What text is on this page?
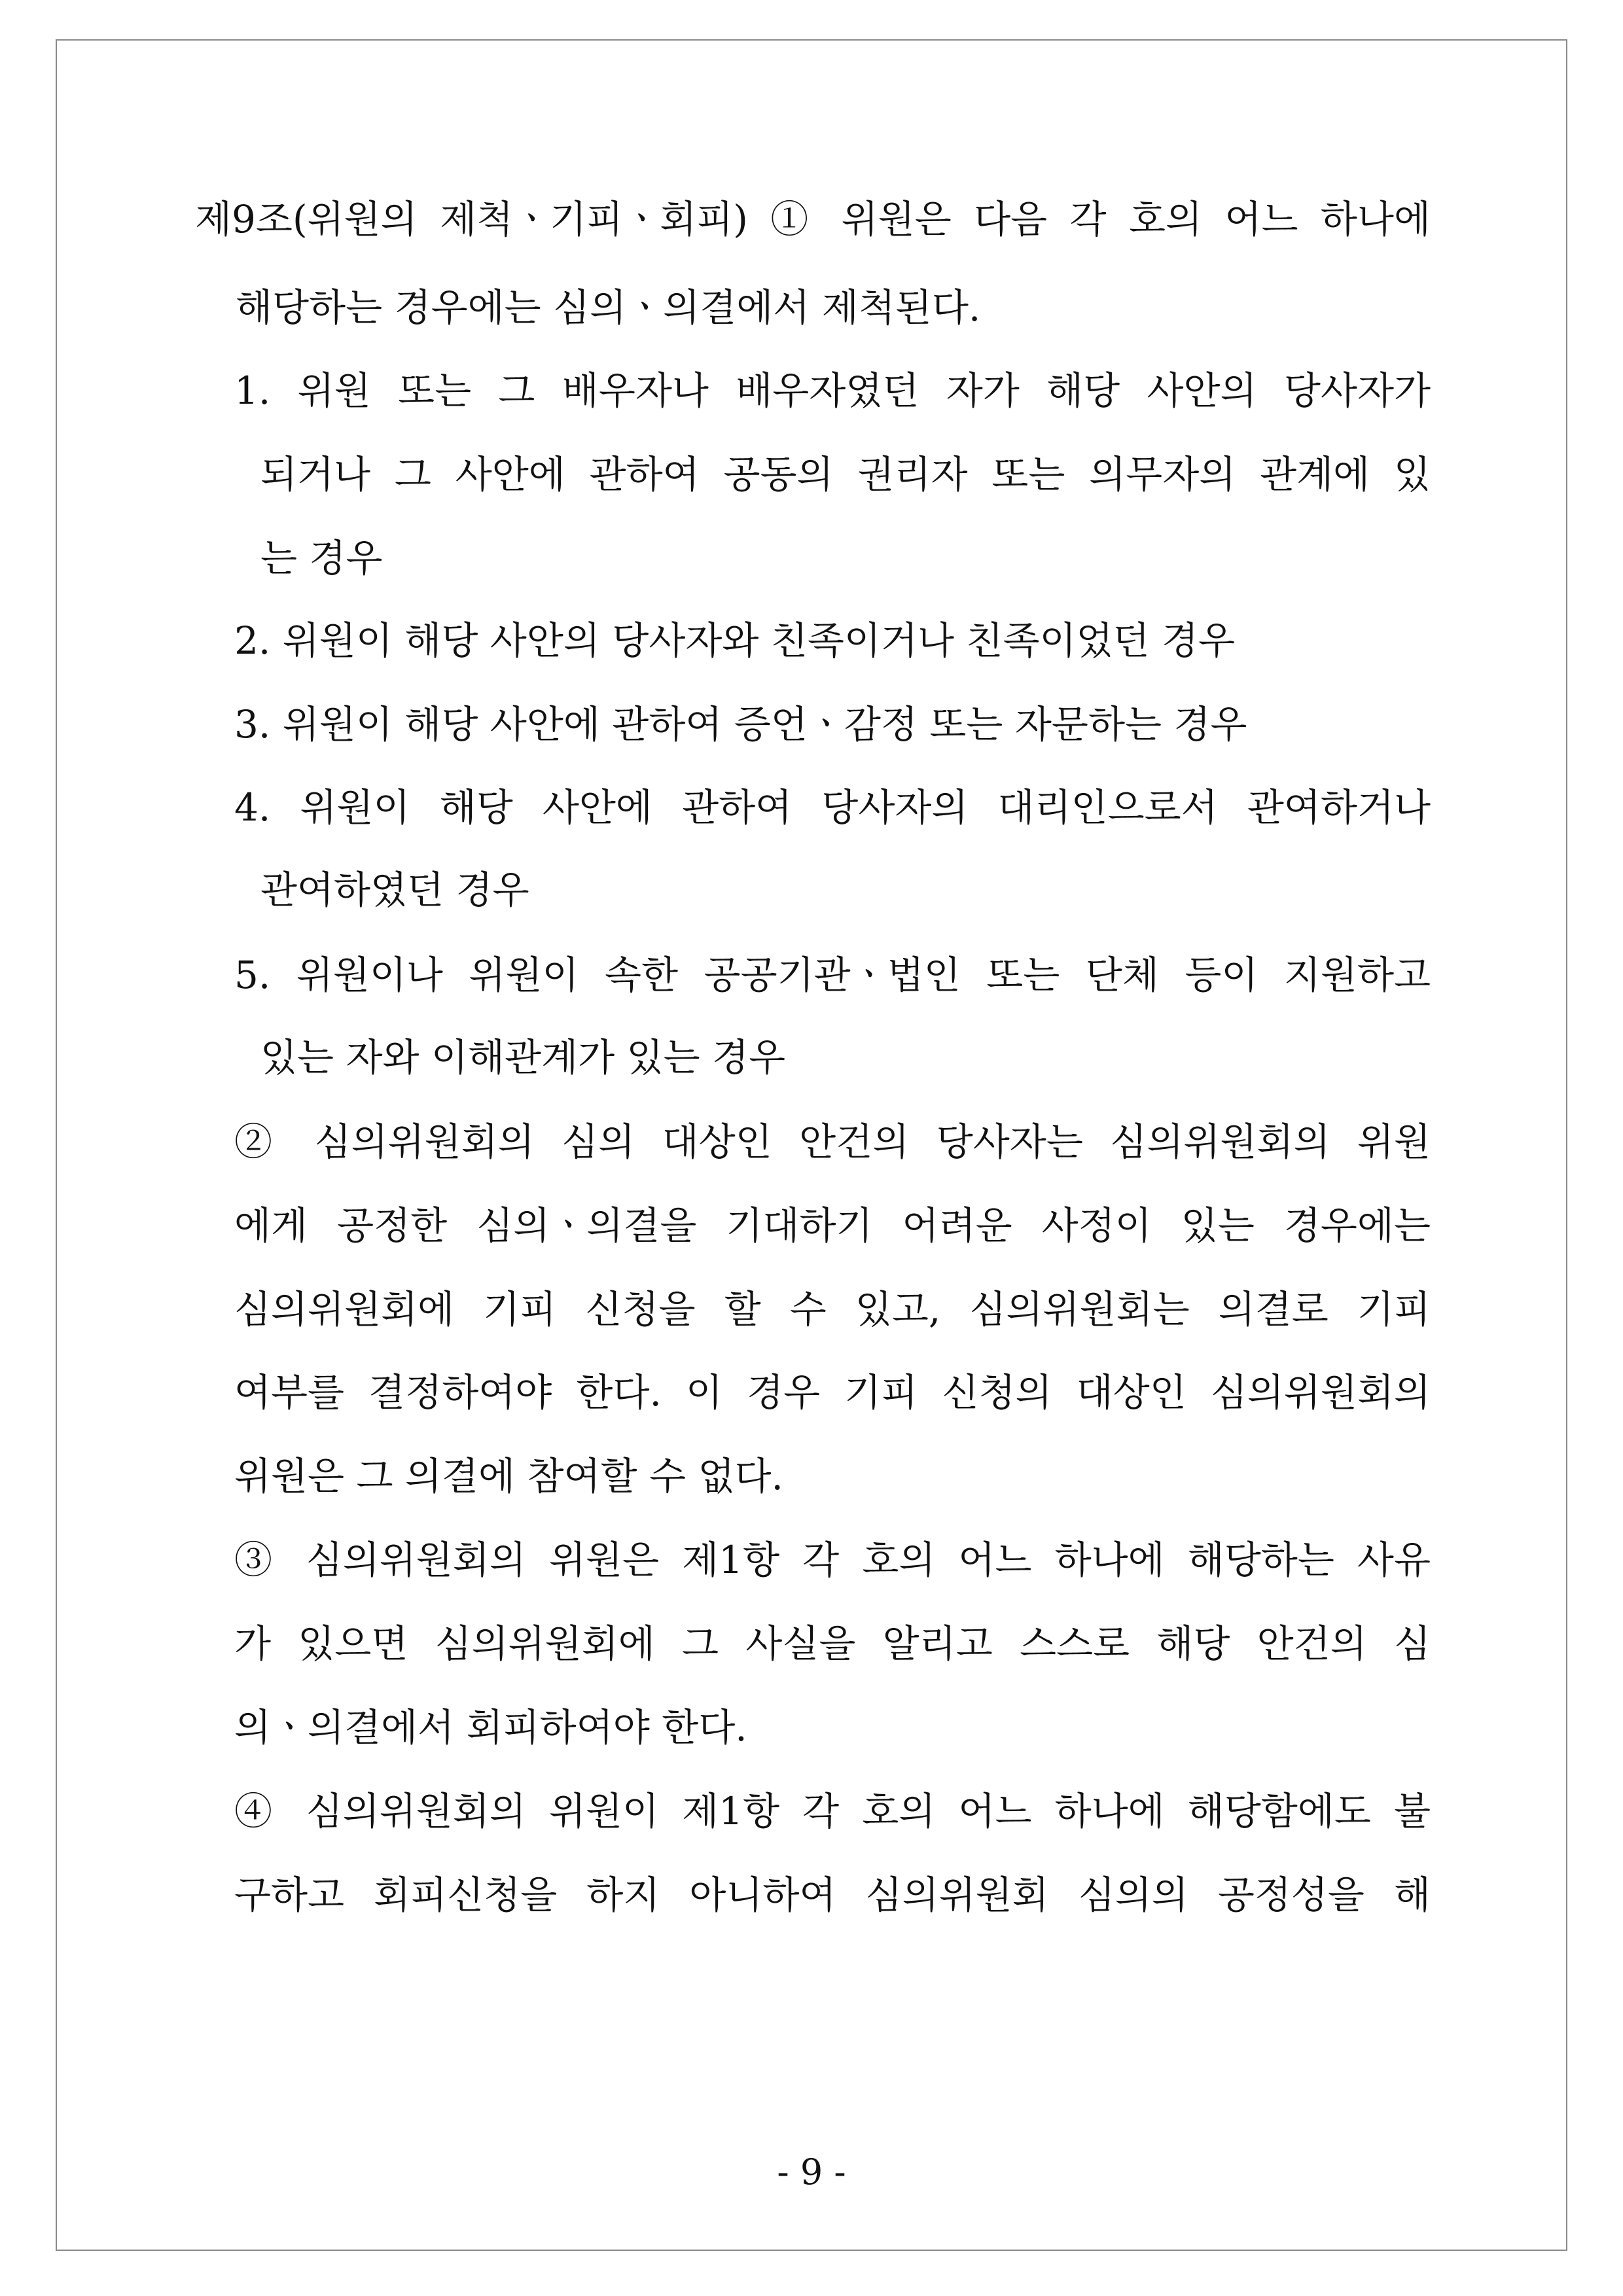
제9조(위원의 제척ㆍ기피ㆍ회피) ① 위원은 다음 각 호의 어느 하나에
해당하는 경우에는 심의ㆍ의결에서 제척된다.
1. 위원 또는 그 배우자나 배우자였던 자가 해당 사안의 당사자가
되거나 그 사안에 관하여 공동의 권리자 또는 의무자의 관계에 있
는 경우
2. 위원이 해당 사안의 당사자와 친족이거나 친족이었던 경우
3. 위원이 해당 사안에 관하여 증언ㆍ감정 또는 자문하는 경우
4. 위원이 해당 사안에 관하여 당사자의 대리인으로서 관여하거나
관여하였던 경우
5. 위원이나 위원이 속한 공공기관ㆍ법인 또는 단체 등이 지원하고
있는 자와 이해관계가 있는 경우
② 심의위원회의 심의 대상인 안건의 당사자는 심의위원회의 위원
에게 공정한 심의ㆍ의결을 기대하기 어려운 사정이 있는 경우에는
심의위원회에 기피 신청을 할 수 있고, 심의위원회는 의결로 기피
여부를 결정하여야 한다. 이 경우 기피 신청의 대상인 심의위원회의
위원은 그 의결에 참여할 수 없다.
③ 심의위원회의 위원은 제1항 각 호의 어느 하나에 해당하는 사유
가 있으면 심의위원회에 그 사실을 알리고 스스로 해당 안건의 심
의ㆍ의결에서 회피하여야 한다.
④ 심의위원회의 위원이 제1항 각 호의 어느 하나에 해당함에도 불
구하고 회피신청을 하지 아니하여 심의위원회 심의의 공정성을 해
- 9 -
